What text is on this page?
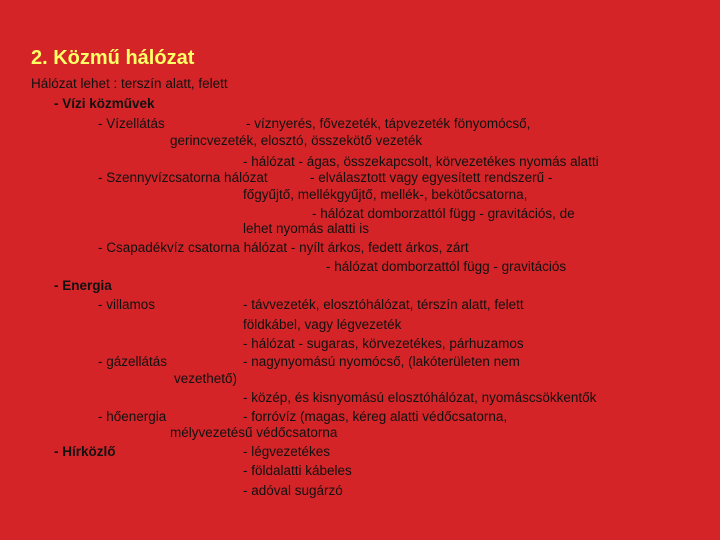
2. Közmű hálózat
Hálózat lehet : terszín alatt, felett
- Vízi közművek
- Vízellátás	- víznyerés, fővezeték, tápvezeték fönyomócső,
gerincvezeték, elosztó, összekötő vezeték
- hálózat - ágas, összekapcsolt, körvezetékes nyomás alatti
- Szennyvízcsatorna hálózat	- elválasztott vagy egyesített rendszerű -
főgyűjtő, mellékgyűjtő, mellék-, bekötőcsatorna,
- hálózat domborzattól függ - gravitációs, de
lehet nyomás alatti is
- Csapadékvíz csatorna hálózat - nyílt árkos, fedett árkos, zárt
- hálózat domborzattól függ - gravitációs
- Energia
- villamos	- távvezeték, elosztóhálózat, térszín alatt, felett
földkábel, vagy légvezeték
- hálózat - sugaras, körvezetékes, párhuzamos
- gázellátás	- nagynyomású nyomócső, (lakóterületen nem
vezethető)
- közép, és kisnyomású elosztóhálózat, nyomáscsökkentők
- hőenergia	- forróvíz (magas, kéreg alatti védőcsatorna,
mélyvezetésű védőcsatorna
- Hírközlő	- légvezetékes
- földalatti kábeles
- adóval sugárzó
